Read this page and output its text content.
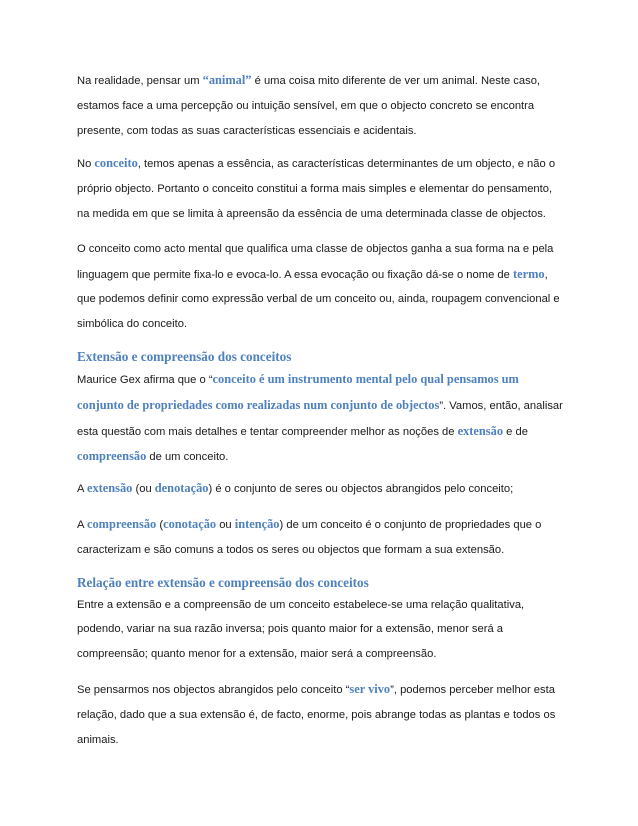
Na realidade, pensar um “animal” é uma coisa mito diferente de ver um animal. Neste caso, estamos face a uma percepção ou intuição sensível, em que o objecto concreto se encontra presente, com todas as suas características essenciais e acidentais.

No conceito, temos apenas a essência, as características determinantes de um objecto, e não o próprio objecto. Portanto o conceito constitui a forma mais simples e elementar do pensamento, na medida em que se limita à apreensão da essência de uma determinada classe de objectos.

O conceito como acto mental que qualifica uma classe de objectos ganha a sua forma na e pela linguagem que permite fixa-lo e evoca-lo. A essa evocação ou fixação dá-se o nome de termo, que podemos definir como expressão verbal de um conceito ou, ainda, roupagem convencional e simbólica do conceito.

Extensão e compreensão dos conceitos

Maurice Gex afirma que o “conceito é um instrumento mental pelo qual pensamos um conjunto de propriedades como realizadas num conjunto de objectos”. Vamos, então, analisar esta questão com mais detalhes e tentar compreender melhor as noções de extensão e de compreensão de um conceito.

A extensão (ou denotação) é o conjunto de seres ou objectos abrangidos pelo conceito;

A compreensão (conotação ou intenção) de um conceito é o conjunto de propriedades que o caracterizam e são comuns a todos os seres ou objectos que formam a sua extensão.

Relação entre extensão e compreensão dos conceitos

Entre a extensão e a compreensão de um conceito estabelece-se uma relação qualitativa, podendo, variar na sua razão inversa; pois quanto maior for a extensão, menor será a compreensão; quanto menor for a extensão, maior será a compreensão.

Se pensarmos nos objectos abrangidos pelo conceito “ser vivo”, podemos perceber melhor esta relação, dado que a sua extensão é, de facto, enorme, pois abrange todas as plantas e todos os animais.
